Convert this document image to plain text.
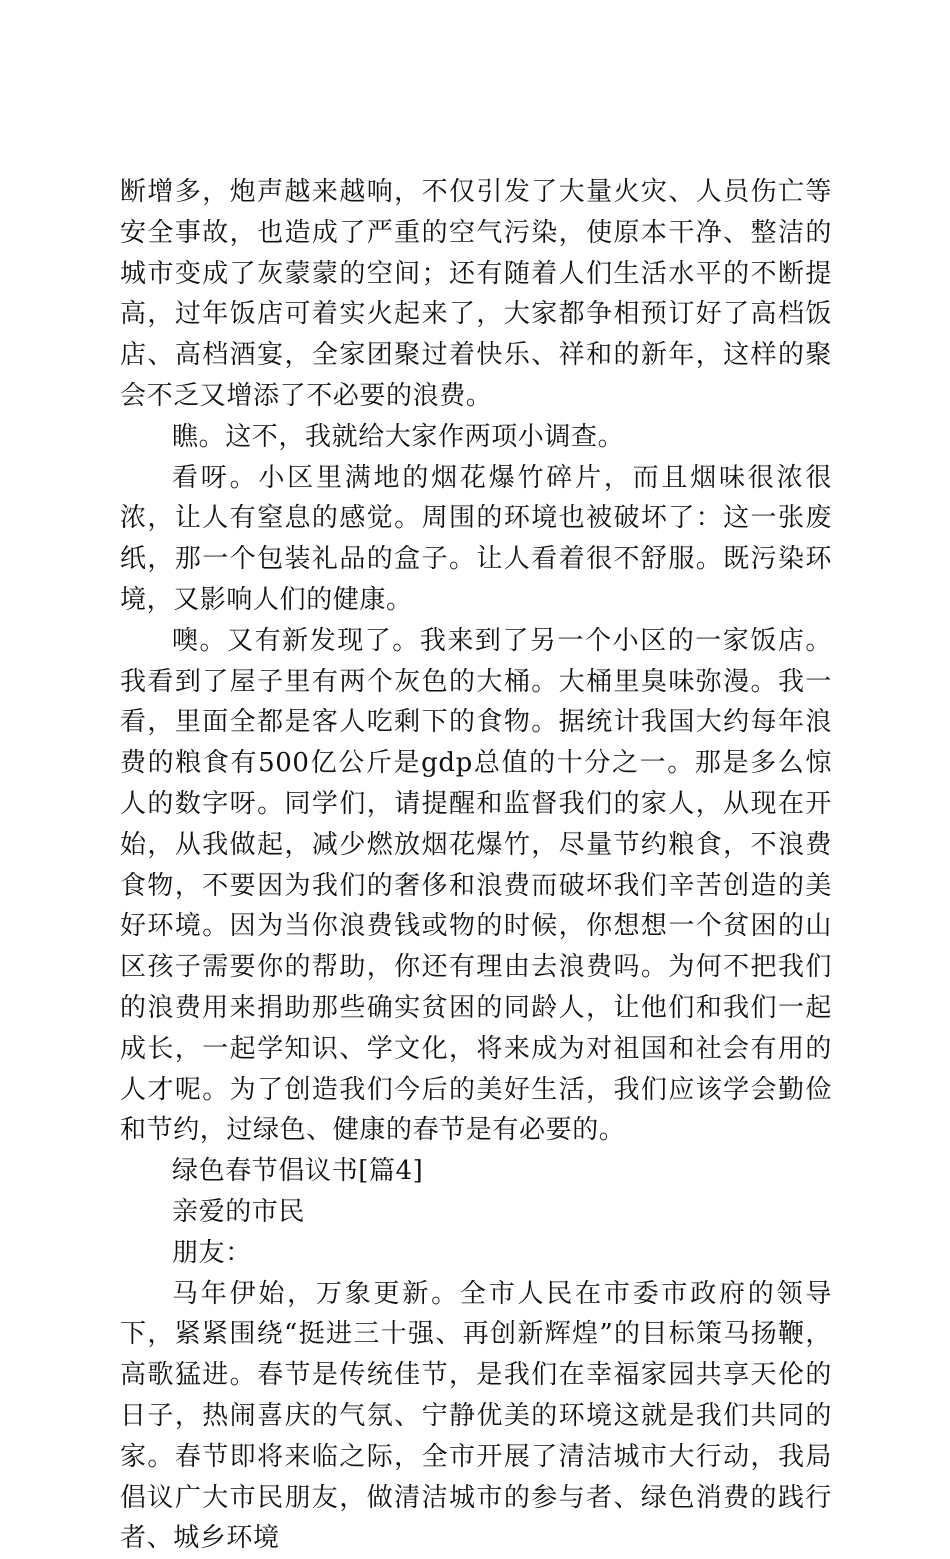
断增多，炮声越来越响，不仅引发了大量火灾、人员伤亡等安全事故，也造成了严重的空气污染，使原本干净、整洁的城市变成了灰蒙蒙的空间；还有随着人们生活水平的不断提高，过年饭店可着实火起来了，大家都争相预订好了高档饭店、高档酒宴，全家团聚过着快乐、祥和的新年，这样的聚会不乏又增添了不必要的浪费。

瞧。这不，我就给大家作两项小调查。

看呀。小区里满地的烟花爆竹碎片，而且烟味很浓很浓，让人有窒息的感觉。周围的环境也被破坏了：这一张废纸，那一个包装礼品的盒子。让人看着很不舒服。既污染环境，又影响人们的健康。

噢。又有新发现了。我来到了另一个小区的一家饭店。我看到了屋子里有两个灰色的大桶。大桶里臭味弥漫。我一看，里面全都是客人吃剩下的食物。据统计我国大约每年浪费的粮食有500亿公斤是gdp总值的十分之一。那是多么惊人的数字呀。同学们，请提醒和监督我们的家人，从现在开始，从我做起，减少燃放烟花爆竹，尽量节约粮食，不浪费食物，不要因为我们的奢侈和浪费而破坏我们辛苦创造的美好环境。因为当你浪费钱或物的时候，你想想一个贫困的山区孩子需要你的帮助，你还有理由去浪费吗。为何不把我们的浪费用来捐助那些确实贫困的同龄人，让他们和我们一起成长，一起学知识、学文化，将来成为对祖国和社会有用的人才呢。为了创造我们今后的美好生活，我们应该学会勤俭和节约，过绿色、健康的春节是有必要的。

绿色春节倡议书[篇4]

亲爱的市民

朋友：

马年伊始，万象更新。全市人民在市委市政府的领导下，紧紧围绕“挺进三十强、再创新辉煌”的目标策马扬鞭，高歌猛进。春节是传统佳节，是我们在幸福家园共享天伦的日子，热闹喜庆的气氛、宁静优美的环境这就是我们共同的家。春节即将来临之际，全市开展了清洁城市大行动，我局倡议广大市民朋友，做清洁城市的参与者、绿色消费的践行者、城乡环境
